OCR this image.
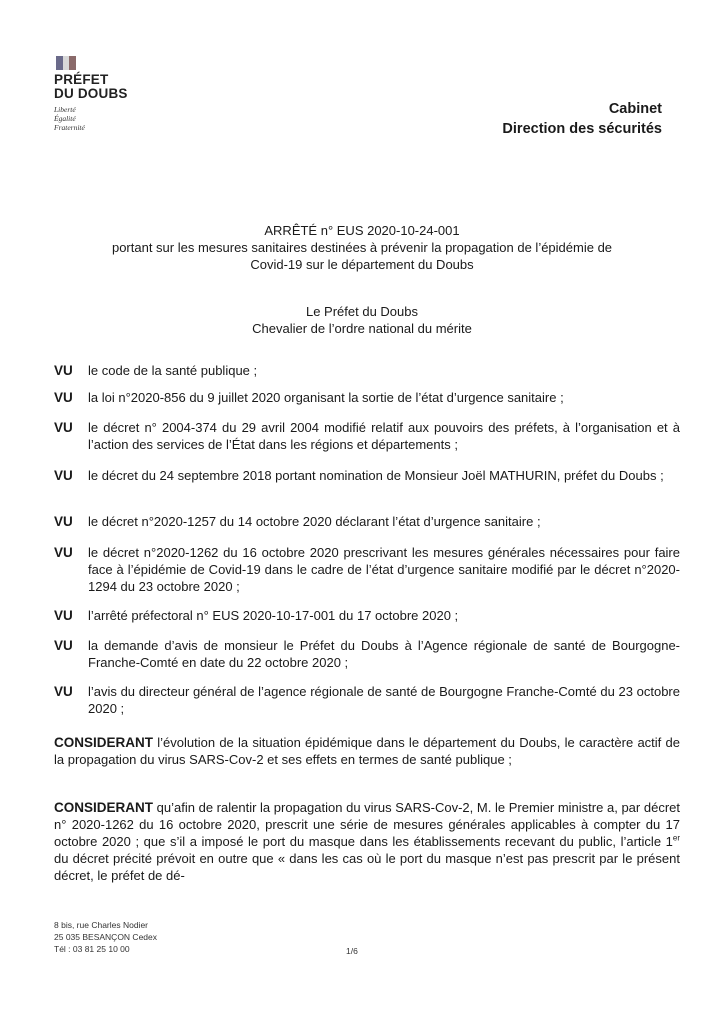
PRÉFET
DU DOUBS
Liberté
Égalité
Fraternité
Cabinet
Direction des sécurités
ARRÊTÉ n° EUS 2020-10-24-001
portant sur les mesures sanitaires destinées à prévenir la propagation de l’épidémie de
Covid-19 sur le département du Doubs
Le Préfet du Doubs
Chevalier de l’ordre national du mérite
VU	le code de la santé publique ;
VU	la loi n°2020-856 du 9 juillet 2020 organisant la sortie de l’état d’urgence sanitaire ;
VU	le décret n° 2004-374 du 29 avril 2004 modifié relatif aux pouvoirs des préfets, à l’organisation et à l’action des services de l’État dans les régions et départements ;
VU	le décret du 24 septembre 2018 portant nomination de Monsieur Joël MATHURIN, préfet du Doubs ;
VU	le décret n°2020-1257 du 14 octobre 2020 déclarant l’état d’urgence sanitaire ;
VU	le décret n°2020-1262 du 16 octobre 2020 prescrivant les mesures générales nécessaires pour faire face à l’épidémie de Covid-19 dans le cadre de l’état d’urgence sanitaire modifié par le décret n°2020-1294 du 23 octobre 2020 ;
VU	l’arrêté préfectoral n° EUS 2020-10-17-001 du 17 octobre 2020 ;
VU	la demande d’avis de monsieur le Préfet du Doubs à l’Agence régionale de santé de Bourgogne-Franche-Comté en date du 22 octobre 2020 ;
VU	l’avis du directeur général de l’agence régionale de santé de Bourgogne Franche-Comté du 23 octobre 2020 ;
CONSIDERANT l’évolution de la situation épidémique dans le département du Doubs, le caractère actif de la propagation du virus SARS-Cov-2 et ses effets en termes de santé publique ;
CONSIDERANT qu’afin de ralentir la propagation du virus SARS-Cov-2, M. le Premier ministre a, par décret n° 2020-1262 du 16 octobre 2020, prescrit une série de mesures générales applicables à compter du 17 octobre 2020 ; que s’il a imposé le port du masque dans les établissements recevant du public, l’article 1er du décret précité prévoit en outre que « dans les cas où le port du masque n’est pas prescrit par le présent décret, le préfet de dé-
8 bis, rue Charles Nodier
25 035 BESANÇON Cedex
Tél : 03 81 25 10 00	1/6
